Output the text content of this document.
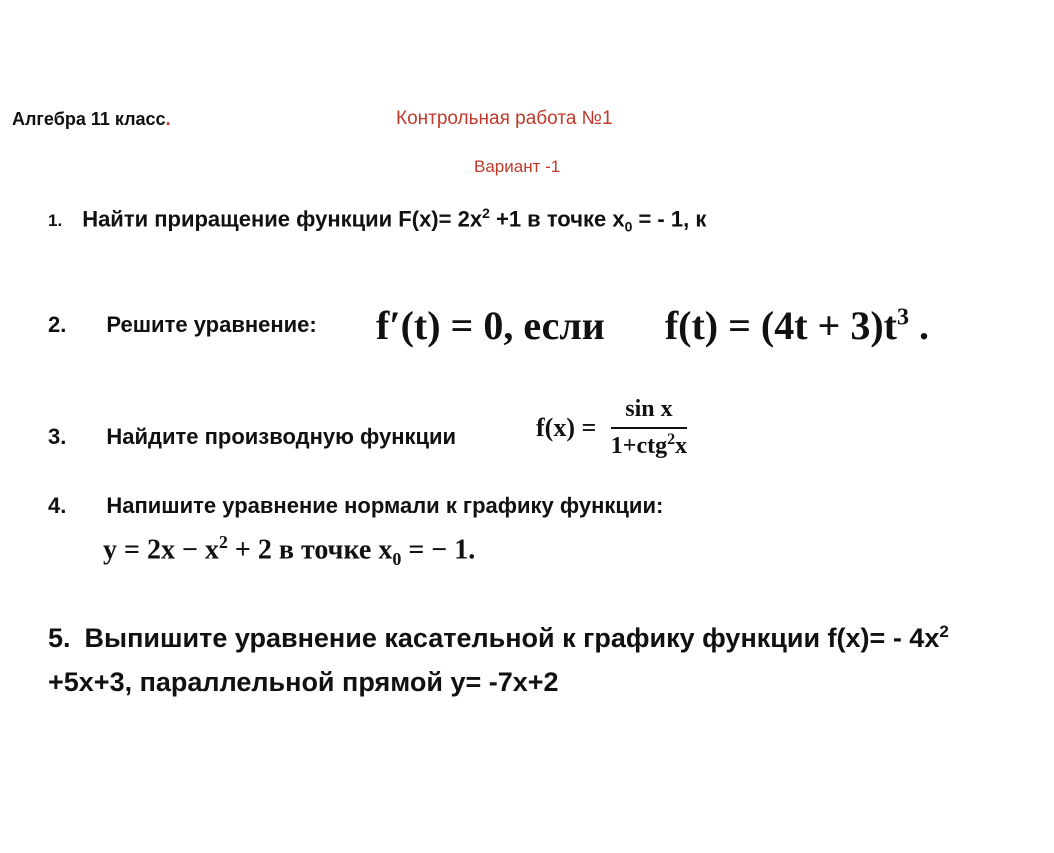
Алгебра 11 класс.	Контрольная работа №1
Вариант -1
1. Найти приращение функции $F(x)= 2x^2 +1$ в точке $x_0$ = - 1, к
2. Решите уравнение: f′(t) = 0, если $f(t) = (4t + 3)t^3$ .
3. Найдите производную функции	$f(x) = \frac{\text{sin x}}{1+ctg^2x}$
4. Напишите уравнение нормали к графику функции:
$y = 2x - x^2 + 2$ в точке $x_0$ = − 1.
5. Выпишите уравнение касательной к графику функции $f(x)= - 4x^2 +5x+3$, параллельной прямой y= -7x+2
